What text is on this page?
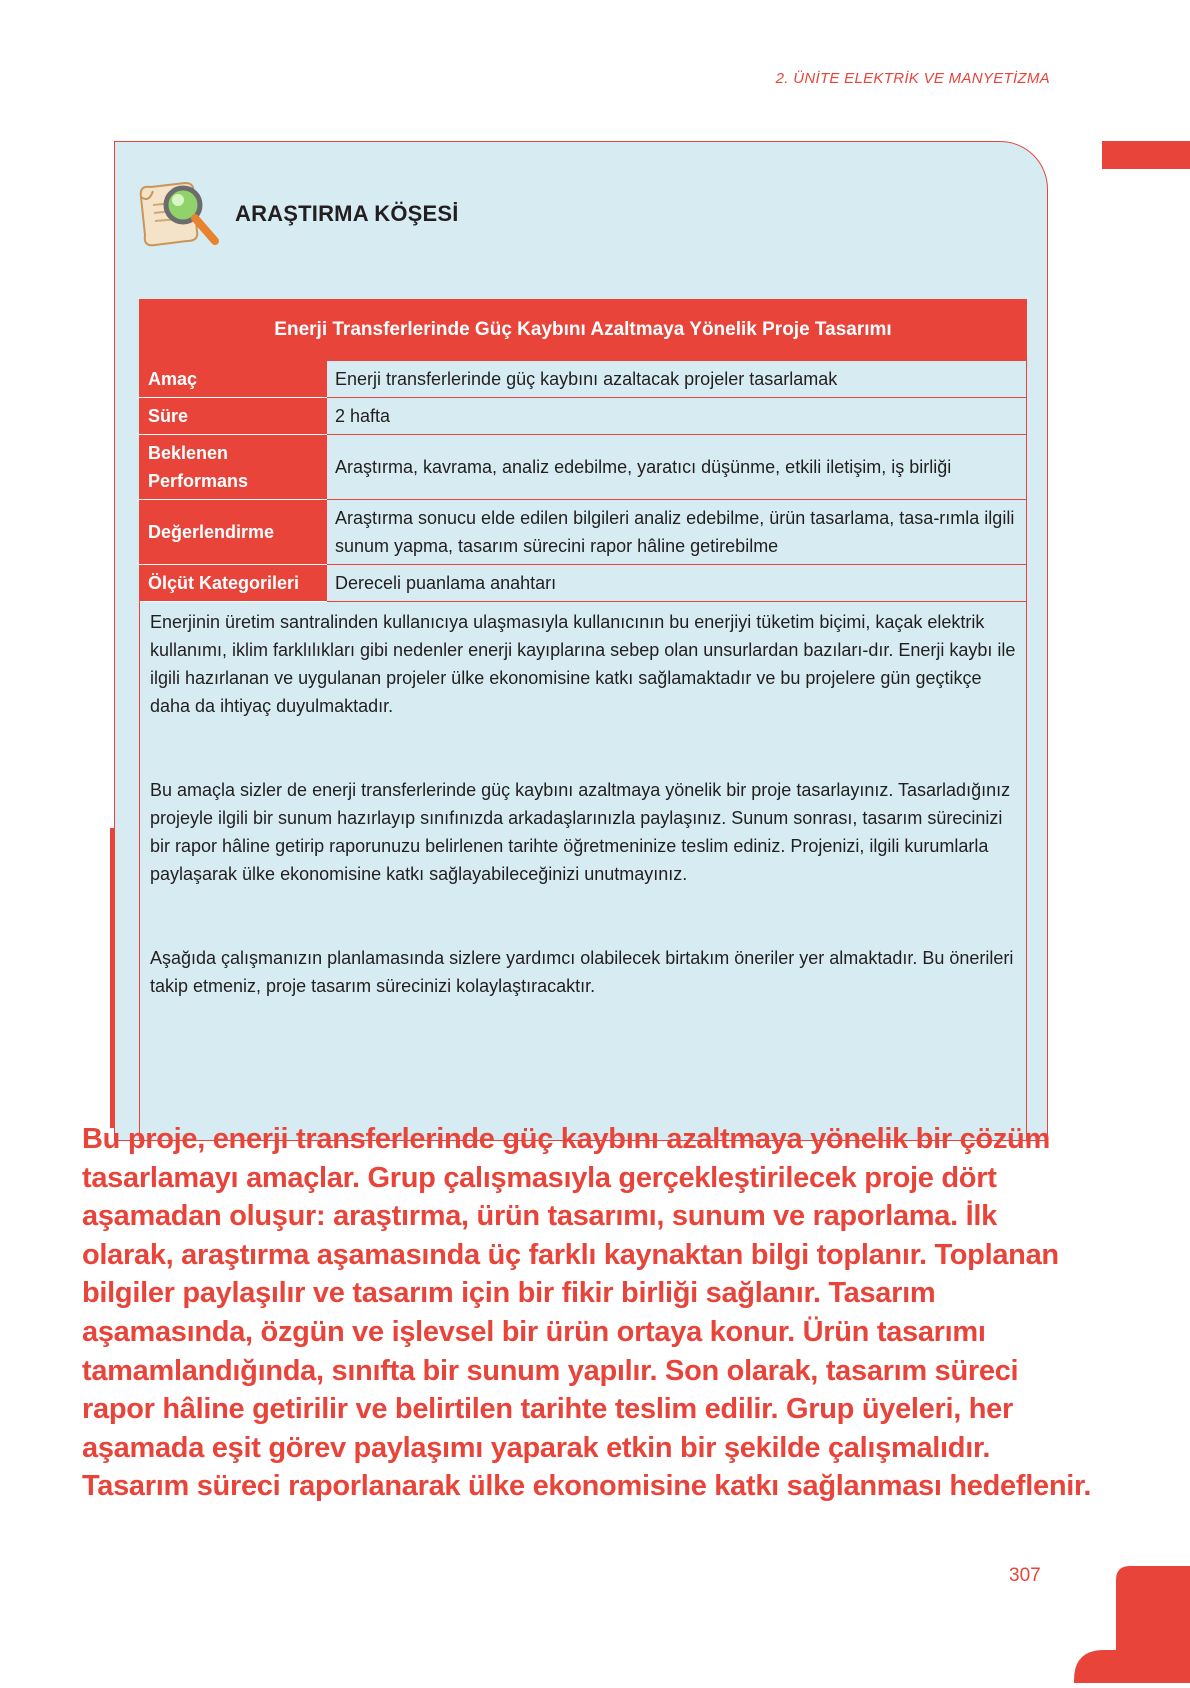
2. ÜNİTE ELEKTRİK VE MANYETİZMA
ARAŞTIRMA KÖŞESİ
Enerji Transferlerinde Güç Kaybını Azaltmaya Yönelik Proje Tasarımı	
Amaç	Enerji transferlerinde güç kaybını azaltacak projeler tasarlamak
Süre	2 hafta
Beklenen Performans	Araştırma, kavrama, analiz edebilme, yaratıcı düşünme, etkili iletişim, iş birliği
Değerlendirme	Araştırma sonucu elde edilen bilgileri analiz edebilme, ürün tasarlama, tasa-rımla ilgili sunum yapma, tasarım sürecini rapor hâline getirebilme
Ölçüt Kategorileri	Dereceli puanlama anahtarı

Enerjinin üretim santralinden kullanıcıya ulaşmasıyla kullanıcının bu enerjiyi tüketim biçimi, kaçak elektrik kullanımı, iklim farklılıkları gibi nedenler enerji kayıplarına sebep olan unsurlardan bazıları-dır. Enerji kaybı ile ilgili hazırlanan ve uygulanan projeler ülke ekonomisine katkı sağlamaktadır ve bu projelere gün geçtikçe daha da ihtiyaç duyulmaktadır.

Bu amaçla sizler de enerji transferlerinde güç kaybını azaltmaya yönelik bir proje tasarlayınız. Tasarladığınız projeyle ilgili bir sunum hazırlayıp sınıfınızda arkadaşlarınızla paylaşınız. Sunum sonrası, tasarım sürecinizi bir rapor hâline getirip raporunuzu belirlenen tarihte öğretmeninize teslim ediniz. Projenizi, ilgili kurumlarla paylaşarak ülke ekonomisine katkı sağlayabileceğinizi unutmayınız.

Aşağıda çalışmanızın planlamasında sizlere yardımcı olabilecek birtakım öneriler yer almaktadır. Bu önerileri takip etmeniz, proje tasarım sürecinizi kolaylaştıracaktır.

Bu proje, enerji transferlerinde güç kaybını azaltmaya yönelik bir çözüm tasarlamayı amaçlar. Grup çalışmasıyla gerçekleştirilecek proje dört aşamadan oluşur: araştırma, ürün tasarımı, sunum ve raporlama. İlk olarak, araştırma aşamasında üç farklı kaynaktan bilgi toplanır. Toplanan bilgiler paylaşılır ve tasarım için bir fikir birliği sağlanır. Tasarım aşamasında, özgün ve işlevsel bir ürün ortaya konur. Ürün tasarımı tamamlandığında, sınıfta bir sunum yapılır. Son olarak, tasarım süreci rapor hâline getirilir ve belirtilen tarihte teslim edilir. Grup üyeleri, her aşamada eşit görev paylaşımı yaparak etkin bir şekilde çalışmalıdır. Tasarım süreci raporlanarak ülke ekonomisine katkı sağlanması hedeflenir.
307
